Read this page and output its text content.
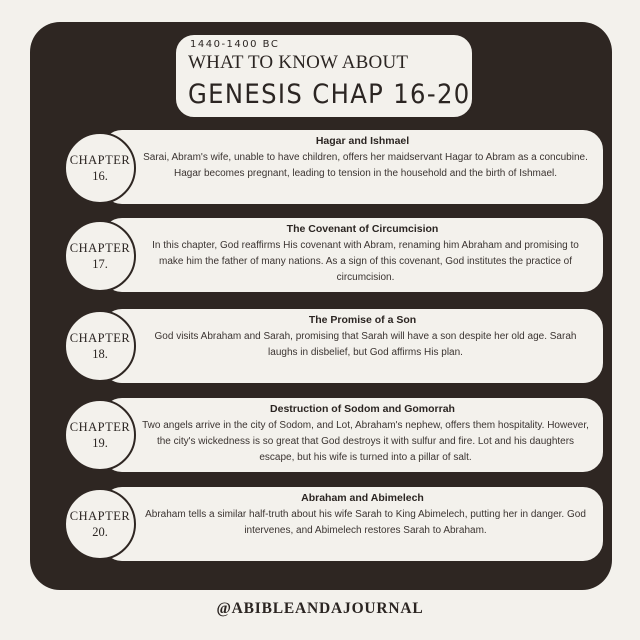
1440-1400 BC
WHAT TO KNOW ABOUT
GENESIS CHAP 16-20
Hagar and Ishmael
Sarai, Abram's wife, unable to have children, offers her maidservant Hagar to Abram as a concubine. Hagar becomes pregnant, leading to tension in the household and the birth of Ishmael.
CHAPTER
16.
The Covenant of Circumcision
In this chapter, God reaffirms His covenant with Abram, renaming him Abraham and promising to make him the father of many nations. As a sign of this covenant, God institutes the practice of circumcision.
CHAPTER
17.
The Promise of a Son
God visits Abraham and Sarah, promising that Sarah will have a son despite her old age. Sarah laughs in disbelief, but God affirms His plan.
CHAPTER
18.
Destruction of Sodom and Gomorrah
Two angels arrive in the city of Sodom, and Lot, Abraham's nephew, offers them hospitality. However, the city's wickedness is so great that God destroys it with sulfur and fire. Lot and his daughters escape, but his wife is turned into a pillar of salt.
CHAPTER
19.
Abraham and Abimelech
Abraham tells a similar half-truth about his wife Sarah to King Abimelech, putting her in danger. God intervenes, and Abimelech restores Sarah to Abraham.
CHAPTER
20.
@ABIBLEANDAJOURNAL
